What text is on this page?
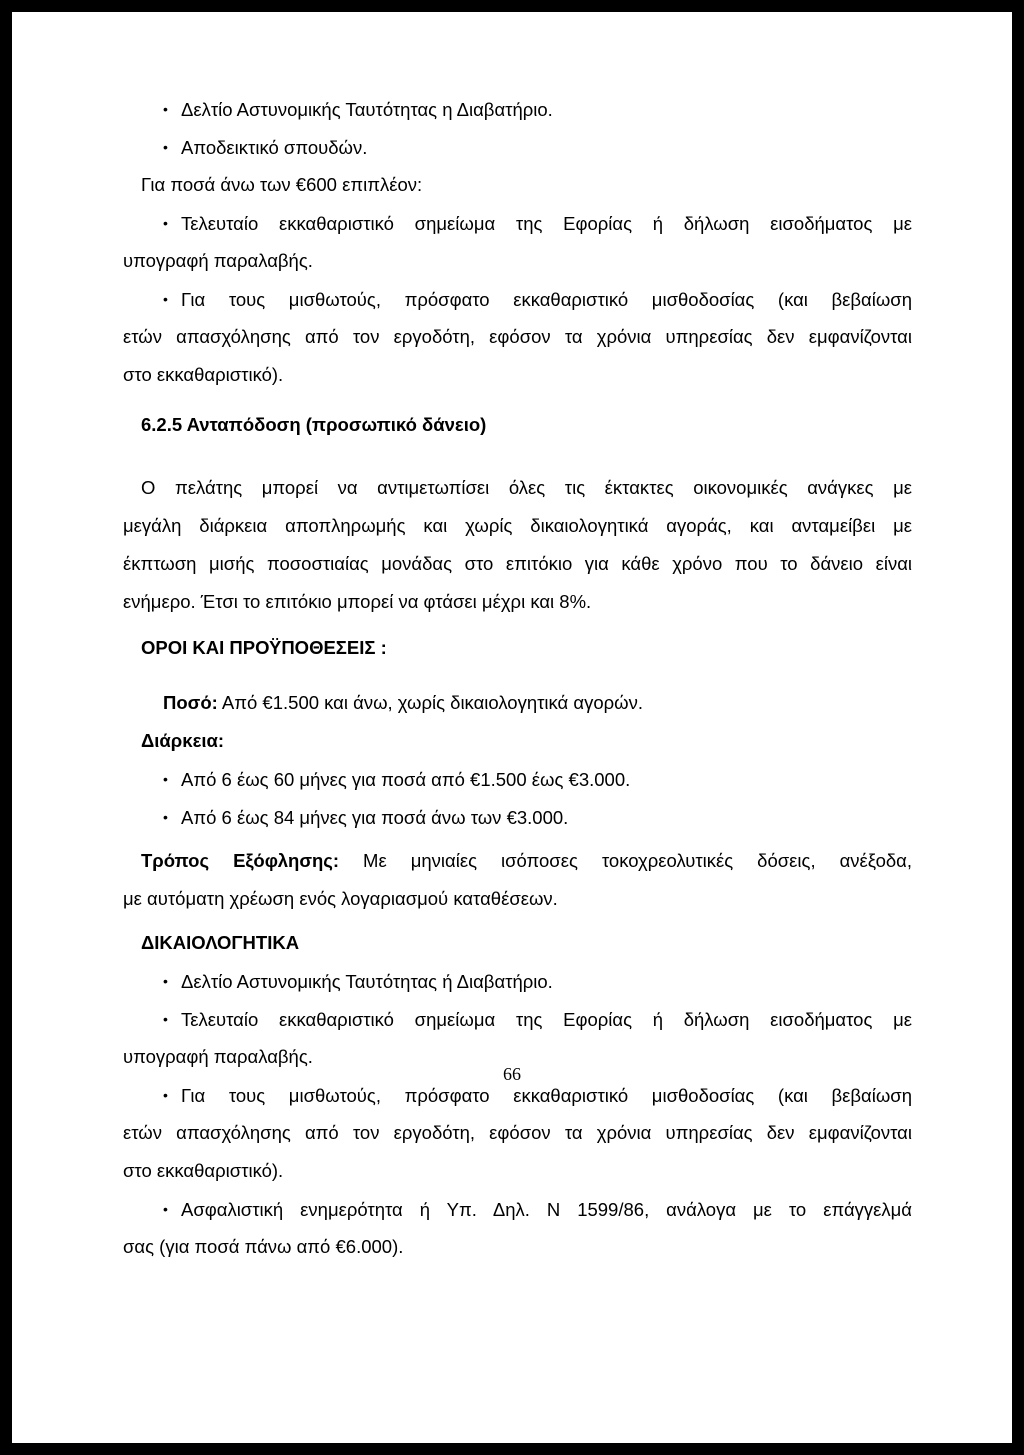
• Δελτίο Αστυνομικής Ταυτότητας η Διαβατήριο.
• Αποδεικτικό σπουδών.
Για ποσά άνω των €600 επιπλέον:
• Τελευταίο εκκαθαριστικό σημείωμα της Εφορίας ή δήλωση εισοδήματος με
υπογραφή παραλαβής.
• Για τους μισθωτούς, πρόσφατο εκκαθαριστικό μισθοδοσίας (και βεβαίωση
ετών απασχόλησης από τον εργοδότη, εφόσον τα χρόνια υπηρεσίας δεν εμφανίζονται
στο εκκαθαριστικό).
6.2.5 Ανταπόδοση (προσωπικό δάνειο)
Ο πελάτης μπορεί να αντιμετωπίσει όλες τις έκτακτες οικονομικές ανάγκες με
μεγάλη διάρκεια αποπληρωμής και χωρίς δικαιολογητικά αγοράς, και ανταμείβει με
έκπτωση μισής ποσοστιαίας μονάδας στο επιτόκιο για κάθε χρόνο που το δάνειο είναι
ενήμερο. Έτσι το επιτόκιο μπορεί να φτάσει μέχρι και 8%.
ΟΡΟΙ ΚΑΙ ΠΡΟΫΠΟΘΕΣΕΙΣ :
Ποσό: Από €1.500 και άνω, χωρίς δικαιολογητικά αγορών.
Διάρκεια:
• Από 6 έως 60 μήνες για ποσά από €1.500 έως €3.000.
• Από 6 έως 84 μήνες για ποσά άνω των €3.000.
Τρόπος Εξόφλησης: Με μηνιαίες ισόποσες τοκοχρεολυτικές δόσεις, ανέξοδα,
με αυτόματη χρέωση ενός λογαριασμού καταθέσεων.
ΔΙΚΑΙΟΛΟΓΗΤΙΚΑ
• Δελτίο Αστυνομικής Ταυτότητας ή Διαβατήριο.
• Τελευταίο εκκαθαριστικό σημείωμα της Εφορίας ή δήλωση εισοδήματος με
υπογραφή παραλαβής.
• Για τους μισθωτούς, πρόσφατο εκκαθαριστικό μισθοδοσίας (και βεβαίωση
ετών απασχόλησης από τον εργοδότη, εφόσον τα χρόνια υπηρεσίας δεν εμφανίζονται
στο εκκαθαριστικό).
• Ασφαλιστική ενημερότητα ή Υπ. Δηλ. Ν 1599/86, ανάλογα με το επάγγελμά
σας (για ποσά πάνω από €6.000).
66
